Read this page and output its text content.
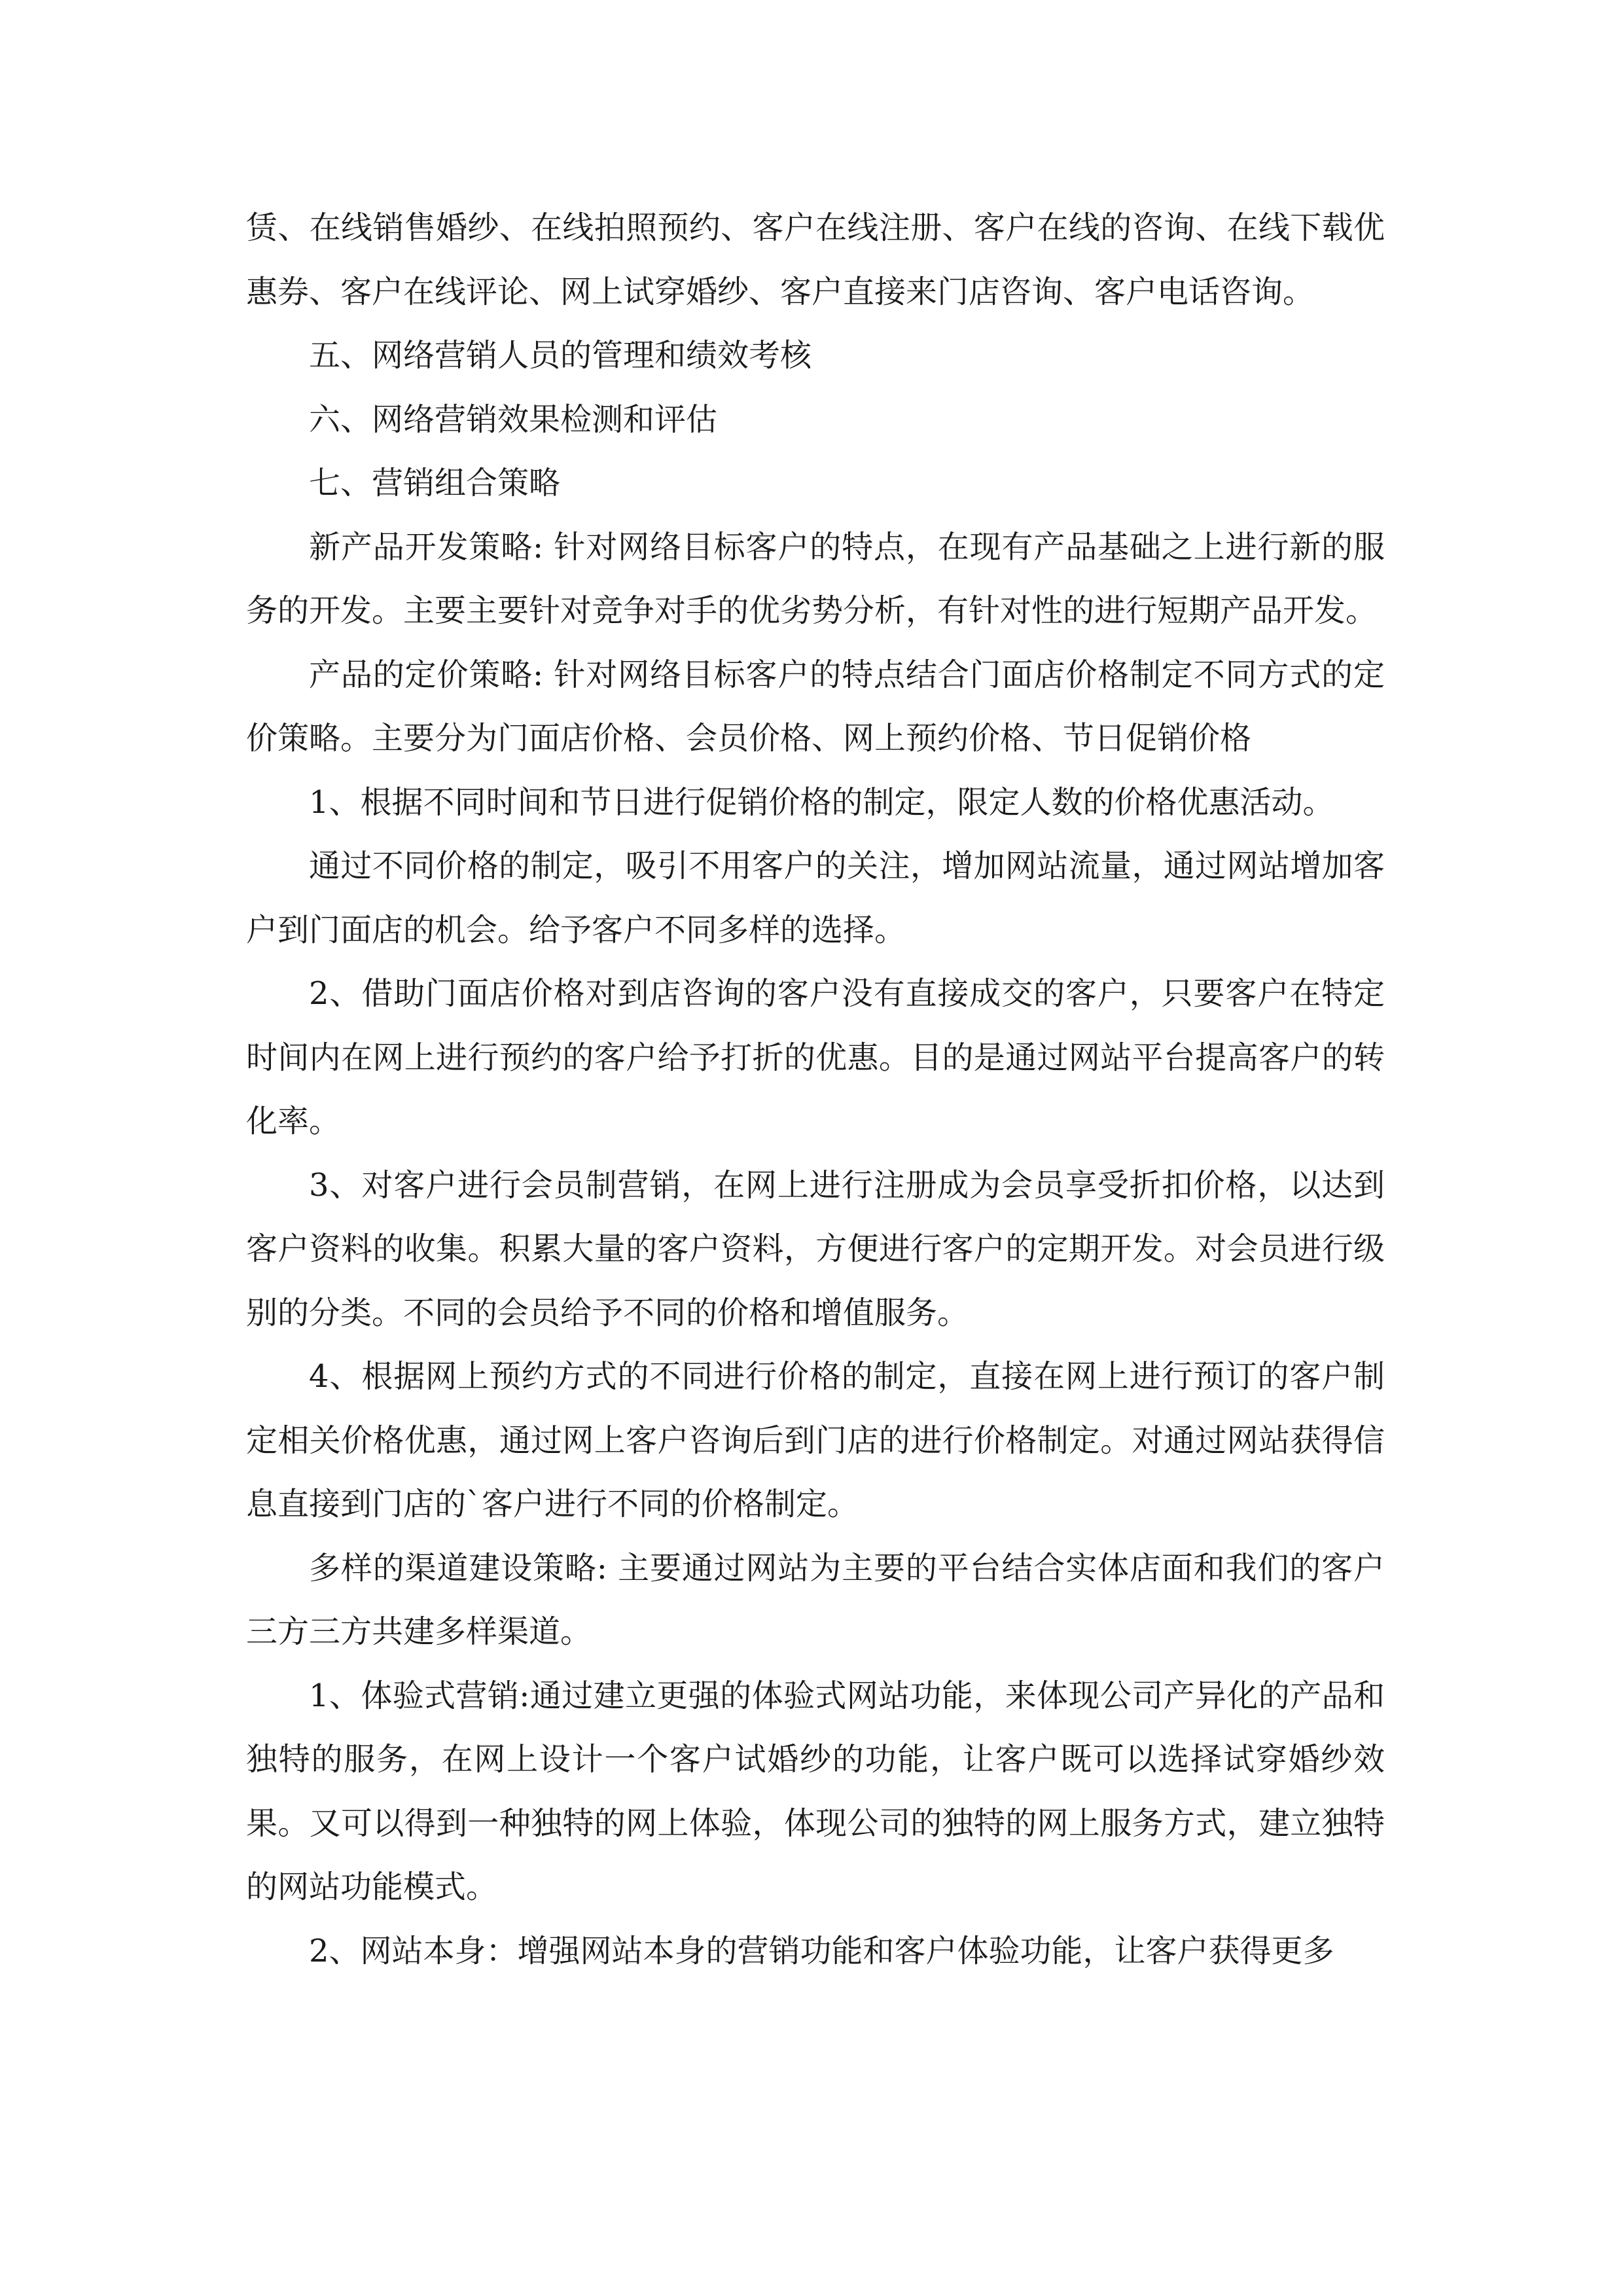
赁、在线销售婚纱、在线拍照预约、客户在线注册、客户在线的咨询、在线下载优惠券、客户在线评论、网上试穿婚纱、客户直接来门店咨询、客户电话咨询。

五、网络营销人员的管理和绩效考核

六、网络营销效果检测和评估

七、营销组合策略

新产品开发策略: 针对网络目标客户的特点，在现有产品基础之上进行新的服务的开发。主要主要针对竞争对手的优劣势分析，有针对性的进行短期产品开发。

产品的定价策略: 针对网络目标客户的特点结合门面店价格制定不同方式的定价策略。主要分为门面店价格、会员价格、网上预约价格、节日促销价格

1、根据不同时间和节日进行促销价格的制定，限定人数的价格优惠活动。

通过不同价格的制定，吸引不用客户的关注，增加网站流量，通过网站增加客户到门面店的机会。给予客户不同多样的选择。

2、借助门面店价格对到店咨询的客户没有直接成交的客户，只要客户在特定时间内在网上进行预约的客户给予打折的优惠。目的是通过网站平台提高客户的转化率。

3、对客户进行会员制营销，在网上进行注册成为会员享受折扣价格，以达到客户资料的收集。积累大量的客户资料，方便进行客户的定期开发。对会员进行级别的分类。不同的会员给予不同的价格和增值服务。

4、根据网上预约方式的不同进行价格的制定，直接在网上进行预订的客户制定相关价格优惠，通过网上客户咨询后到门店的进行价格制定。对通过网站获得信息直接到门店的`客户进行不同的价格制定。

多样的渠道建设策略: 主要通过网站为主要的平台结合实体店面和我们的客户三方三方共建多样渠道。

1、体验式营销:通过建立更强的体验式网站功能，来体现公司产异化的产品和独特的服务，在网上设计一个客户试婚纱的功能，让客户既可以选择试穿婚纱效果。又可以得到一种独特的网上体验，体现公司的独特的网上服务方式，建立独特的网站功能模式。

2、网站本身：增强网站本身的营销功能和客户体验功能，让客户获得更多
